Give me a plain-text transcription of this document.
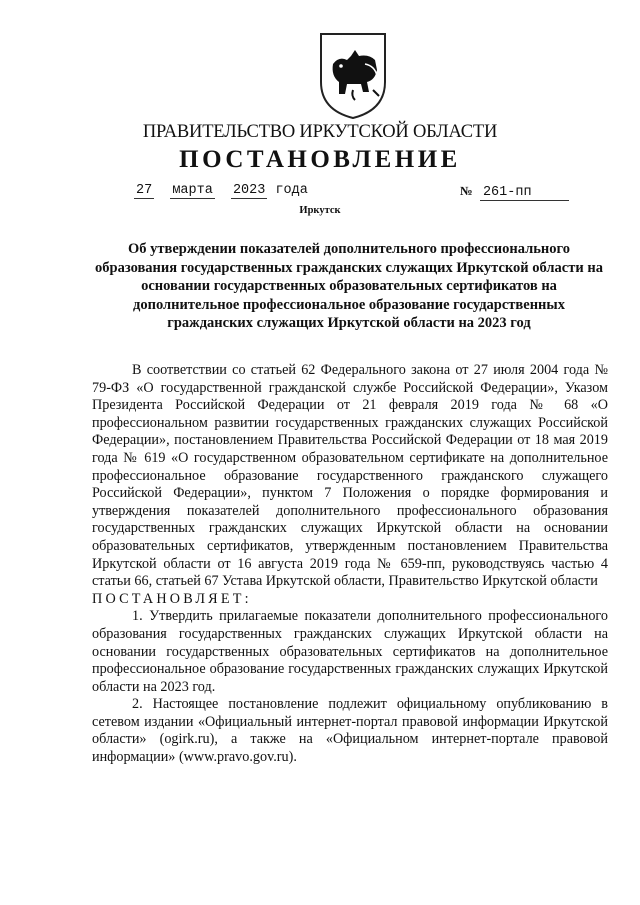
ПРАВИТЕЛЬСТВО ИРКУТСКОЙ ОБЛАСТИ
ПОСТАНОВЛЕНИЕ
27 марта 2023 года	№ 261-пп
Иркутск
Об утверждении показателей дополнительного профессионального образования государственных гражданских служащих Иркутской области на основании государственных образовательных сертификатов на дополнительное профессиональное образование государственных гражданских служащих Иркутской области на 2023 год

В соответствии со статьей 62 Федерального закона от 27 июля 2004 года № 79-ФЗ «О государственной гражданской службе Российской Федерации», Указом Президента Российской Федерации от 21 февраля 2019 года № 68 «О профессиональном развитии государственных гражданских служащих Российской Федерации», постановлением Правительства Российской Федерации от 18 мая 2019 года № 619 «О государственном образовательном сертификате на дополнительное профессиональное образование государственного гражданского служащего Российской Федерации», пунктом 7 Положения о порядке формирования и утверждения показателей дополнительного профессионального образования государственных гражданских служащих Иркутской области на основании образовательных сертификатов, утвержденным постановлением Правительства Иркутской области от 16 августа 2019 года № 659-пп, руководствуясь частью 4 статьи 66, статьей 67 Устава Иркутской области, Правительство Иркутской области

ПОСТАНОВЛЯЕТ:

1. Утвердить прилагаемые показатели дополнительного профессионального образования государственных гражданских служащих Иркутской области на основании государственных образовательных сертификатов на дополнительное профессиональное образование государственных гражданских служащих Иркутской области на 2023 год.

2. Настоящее постановление подлежит официальному опубликованию в сетевом издании «Официальный интернет-портал правовой информации Иркутской области» (ogirk.ru), а также на «Официальном интернет-портале правовой информации» (www.pravo.gov.ru).
